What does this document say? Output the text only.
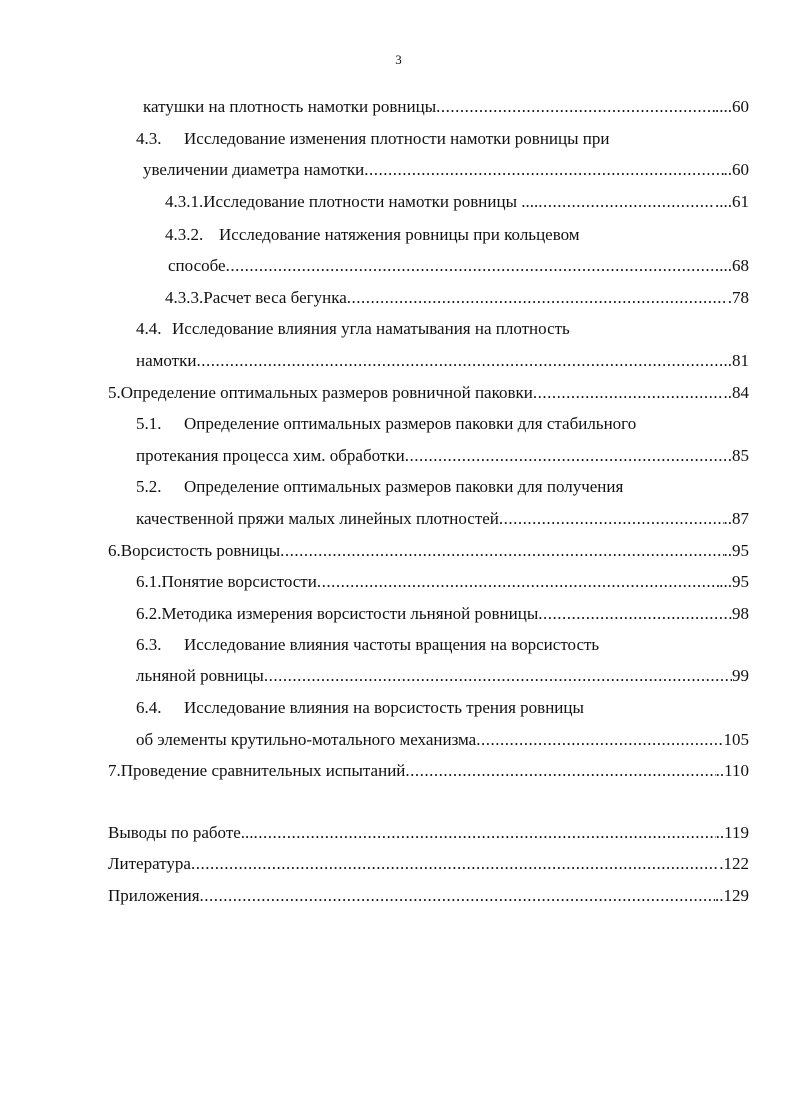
3
катушки на плотность намотки ровницы .....	....60
4.3. Исследование изменения плотности намотки ровницы при
увеличении диаметра намотки .....	..60
4.3.1. Исследование плотности намотки ровницы .... .....	....61
4.3.2. Исследование натяжения ровницы при кольцевом
способе .....	...68
4.3.3. Расчет веса бегунка .....	.78
4.4. Исследование влияния угла наматывания на плотность
намотки .....	..81
5. Определение оптимальных размеров ровничной паковки .....	..84
5.1. Определение оптимальных размеров паковки для стабильного
протекания процесса хим. обработки .....	85
5.2. Определение оптимальных размеров паковки для получения
качественной пряжи малых линейных плотностей .....	..87
6. Ворсистость ровницы .....	..95
6.1. Понятие ворсистости .....	...95
6.2. Методика измерения ворсистости льняной ровницы .....	98
6.3. Исследование влияния частоты вращения на ворсистость
льняной ровницы .....	99
6.4. Исследование влияния на ворсистость трения ровницы
об элементы крутильно-мотального механизма .....	105
7. Проведение сравнительных испытаний .....	..110
Выводы по работе... .....	..119
Литература .....	.122
Приложения .....	..129
